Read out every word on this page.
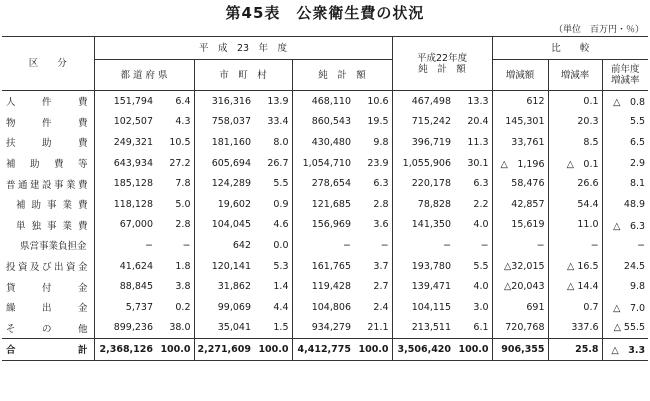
第45表　公衆衛生費の状況
（単位　百万円・％）
区　　分	平　成　23　年　度						平成22年度
純　計　額		比　　較		
	都 道 府 県		市　町　村		純　計　額				増減額	増減率	前年度
増減率

人件費	151,794	6.4	316,316	13.9	468,110	10.6	467,498	13.3	612	0.1	△　0.8
物件費	102,507	4.3	758,037	33.4	860,543	19.5	715,242	20.4	145,301	20.3	5.5
扶助費	249,321	10.5	181,160	8.0	430,480	9.8	396,719	11.3	33,761	8.5	6.5
補助費等	643,934	27.2	605,694	26.7	1,054,710	23.9	1,055,906	30.1	△　1,196	△　0.1	2.9
普通建設事業費	185,128	7.8	124,289	5.5	278,654	6.3	220,178	6.3	58,476	26.6	8.1
補助事業費	118,128	5.0	19,602	0.9	121,685	2.8	78,828	2.2	42,857	54.4	48.9
単独事業費	67,000	2.8	104,045	4.6	156,969	3.6	141,350	4.0	15,619	11.0	△　6.3
県営事業負担金	−	−	642	0.0	−	−	−	−	−	−	−
投資及び出資金	41,624	1.8	120,141	5.3	161,765	3.7	193,780	5.5	△32,015	△ 16.5	24.5
貸付金	88,845	3.8	31,862	1.4	119,428	2.7	139,471	4.0	△20,043	△ 14.4	9.8
繰出金	5,737	0.2	99,069	4.4	104,806	2.4	104,115	3.0	691	0.7	△　7.0
その他	899,236	38.0	35,041	1.5	934,279	21.1	213,511	6.1	720,768	337.6	△ 55.5
合　　計	2,368,126	100.0	2,271,609	100.0	4,412,775	100.0	3,506,420	100.0	906,355	25.8	△　3.3
